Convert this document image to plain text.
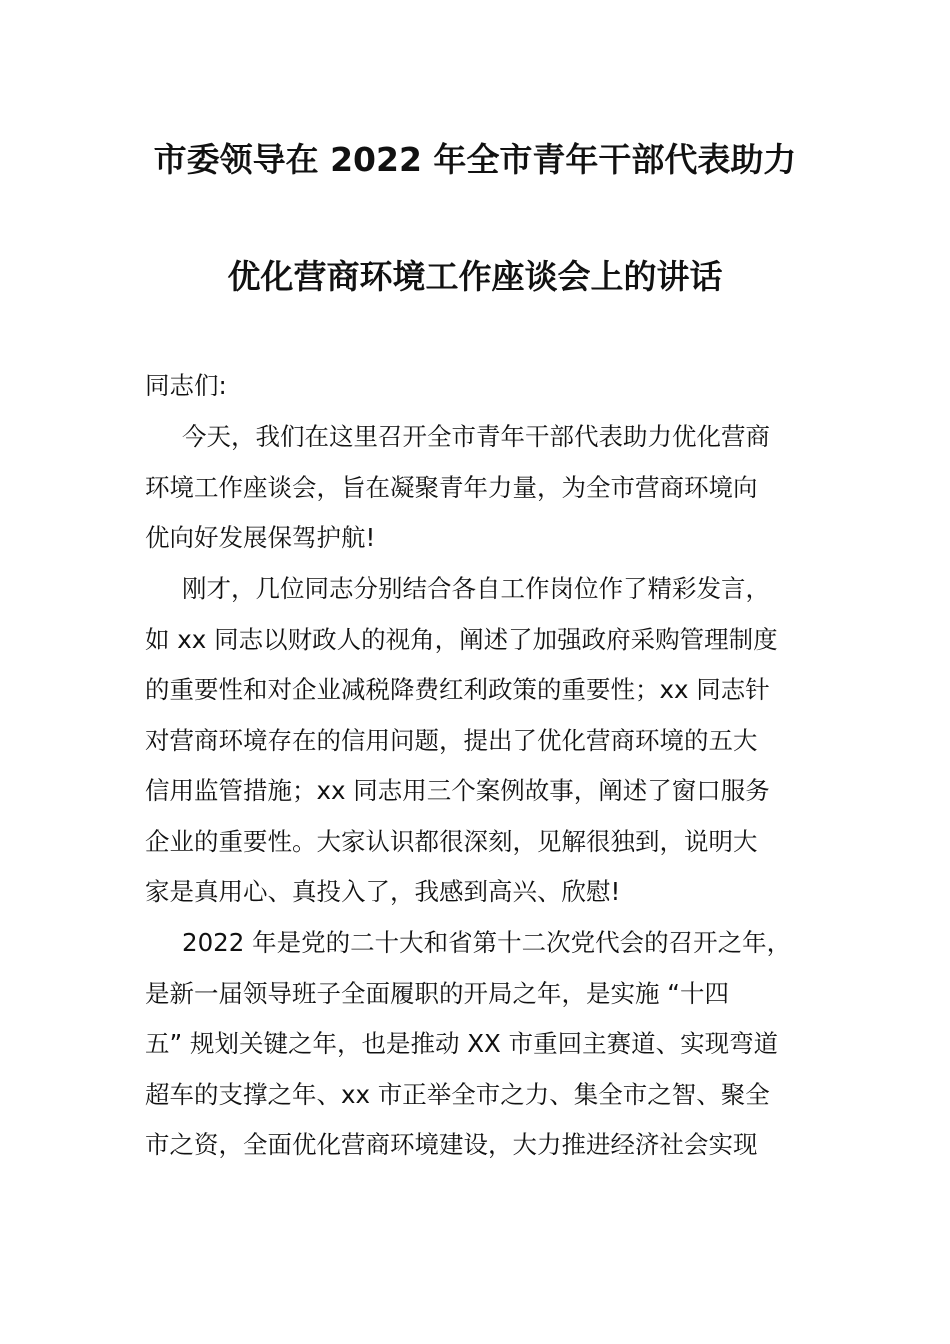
市委领导在 2022 年全市青年干部代表助力
优化营商环境工作座谈会上的讲话
同志们:
今天，我们在这里召开全市青年干部代表助力优化营商
环境工作座谈会，旨在凝聚青年力量，为全市营商环境向
优向好发展保驾护航!
刚才，几位同志分别结合各自工作岗位作了精彩发言，
如 xx 同志以财政人的视角，阐述了加强政府采购管理制度
的重要性和对企业减税降费红利政策的重要性；xx 同志针
对营商环境存在的信用问题，提出了优化营商环境的五大
信用监管措施；xx 同志用三个案例故事，阐述了窗口服务
企业的重要性。大家认识都很深刻，见解很独到，说明大
家是真用心、真投入了，我感到高兴、欣慰!
2022 年是党的二十大和省第十二次党代会的召开之年，
是新一届领导班子全面履职的开局之年，是实施 “十四
五” 规划关键之年，也是推动 XX 市重回主赛道、实现弯道
超车的支撑之年、xx 市正举全市之力、集全市之智、聚全
市之资，全面优化营商环境建设，大力推进经济社会实现
